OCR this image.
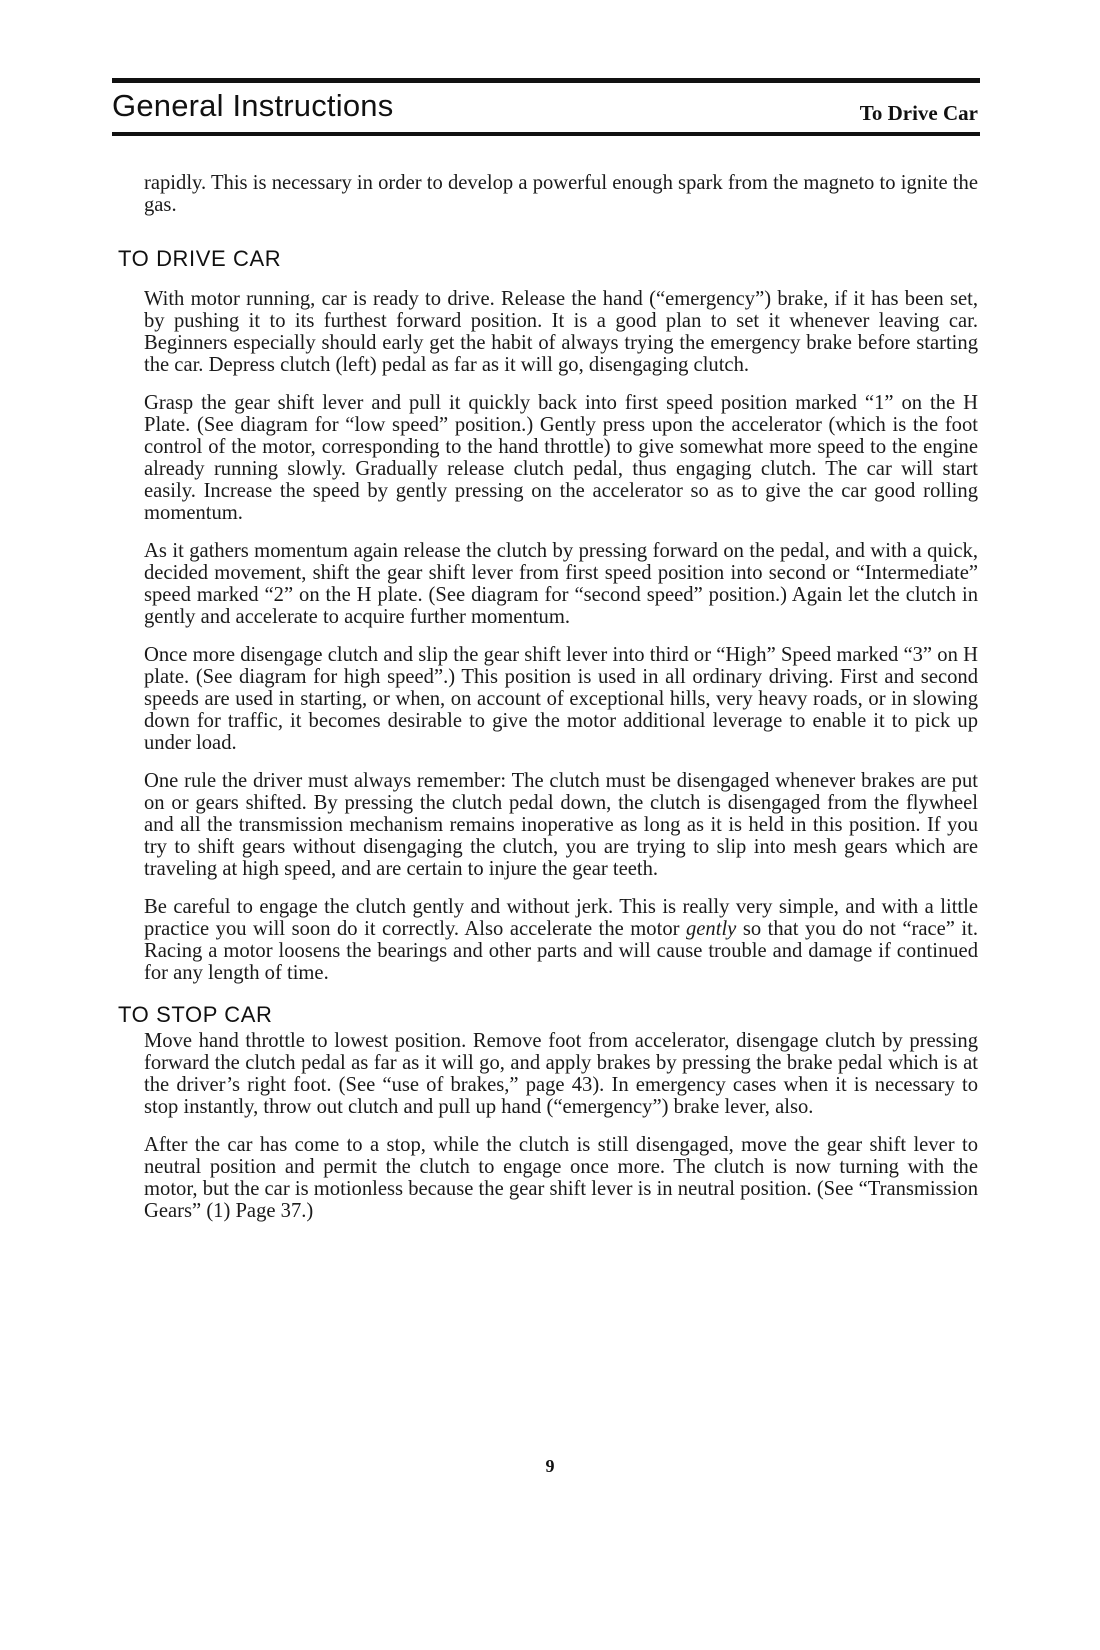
General Instructions	To Drive Car

rapidly. This is necessary in order to develop a powerful enough spark from the magneto to ignite the gas.

TO DRIVE CAR

With motor running, car is ready to drive. Release the hand (“emergency”) brake, if it has been set, by pushing it to its furthest forward position. It is a good plan to set it whenever leaving car. Beginners especially should early get the habit of always trying the emergency brake before starting the car. Depress clutch (left) pedal as far as it will go, disengaging clutch.

Grasp the gear shift lever and pull it quickly back into first speed position marked “1” on the H Plate. (See diagram for “low speed” position.) Gently press upon the accelerator (which is the foot control of the motor, corresponding to the hand throttle) to give somewhat more speed to the engine already running slowly. Gradually release clutch pedal, thus engaging clutch. The car will start easily. Increase the speed by gently pressing on the accelerator so as to give the car good rolling momentum.

As it gathers momentum again release the clutch by pressing forward on the pedal, and with a quick, decided movement, shift the gear shift lever from first speed position into second or “Intermediate” speed marked “2” on the H plate. (See diagram for “second speed” position.) Again let the clutch in gently and accelerate to acquire further momentum.

Once more disengage clutch and slip the gear shift lever into third or “High” Speed marked “3” on H plate. (See diagram for high speed”.) This position is used in all ordinary driving. First and second speeds are used in starting, or when, on account of exceptional hills, very heavy roads, or in slowing down for traffic, it becomes desirable to give the motor additional leverage to enable it to pick up under load.

One rule the driver must always remember: The clutch must be disengaged whenever brakes are put on or gears shifted. By pressing the clutch pedal down, the clutch is disengaged from the flywheel and all the transmission mechanism remains inoperative as long as it is held in this position. If you try to shift gears without disengaging the clutch, you are trying to slip into mesh gears which are traveling at high speed, and are certain to injure the gear teeth.

Be careful to engage the clutch gently and without jerk. This is really very simple, and with a little practice you will soon do it correctly. Also accelerate the motor gently so that you do not “race” it. Racing a motor loosens the bearings and other parts and will cause trouble and damage if continued for any length of time.

TO STOP CAR

Move hand throttle to lowest position. Remove foot from accelerator, disengage clutch by pressing forward the clutch pedal as far as it will go, and apply brakes by pressing the brake pedal which is at the driver’s right foot. (See “use of brakes,” page 43). In emergency cases when it is necessary to stop instantly, throw out clutch and pull up hand (“emergency”) brake lever, also.

After the car has come to a stop, while the clutch is still disengaged, move the gear shift lever to neutral position and permit the clutch to engage once more. The clutch is now turning with the motor, but the car is motionless because the gear shift lever is in neutral position. (See “Transmission Gears” (1) Page 37.)

9
